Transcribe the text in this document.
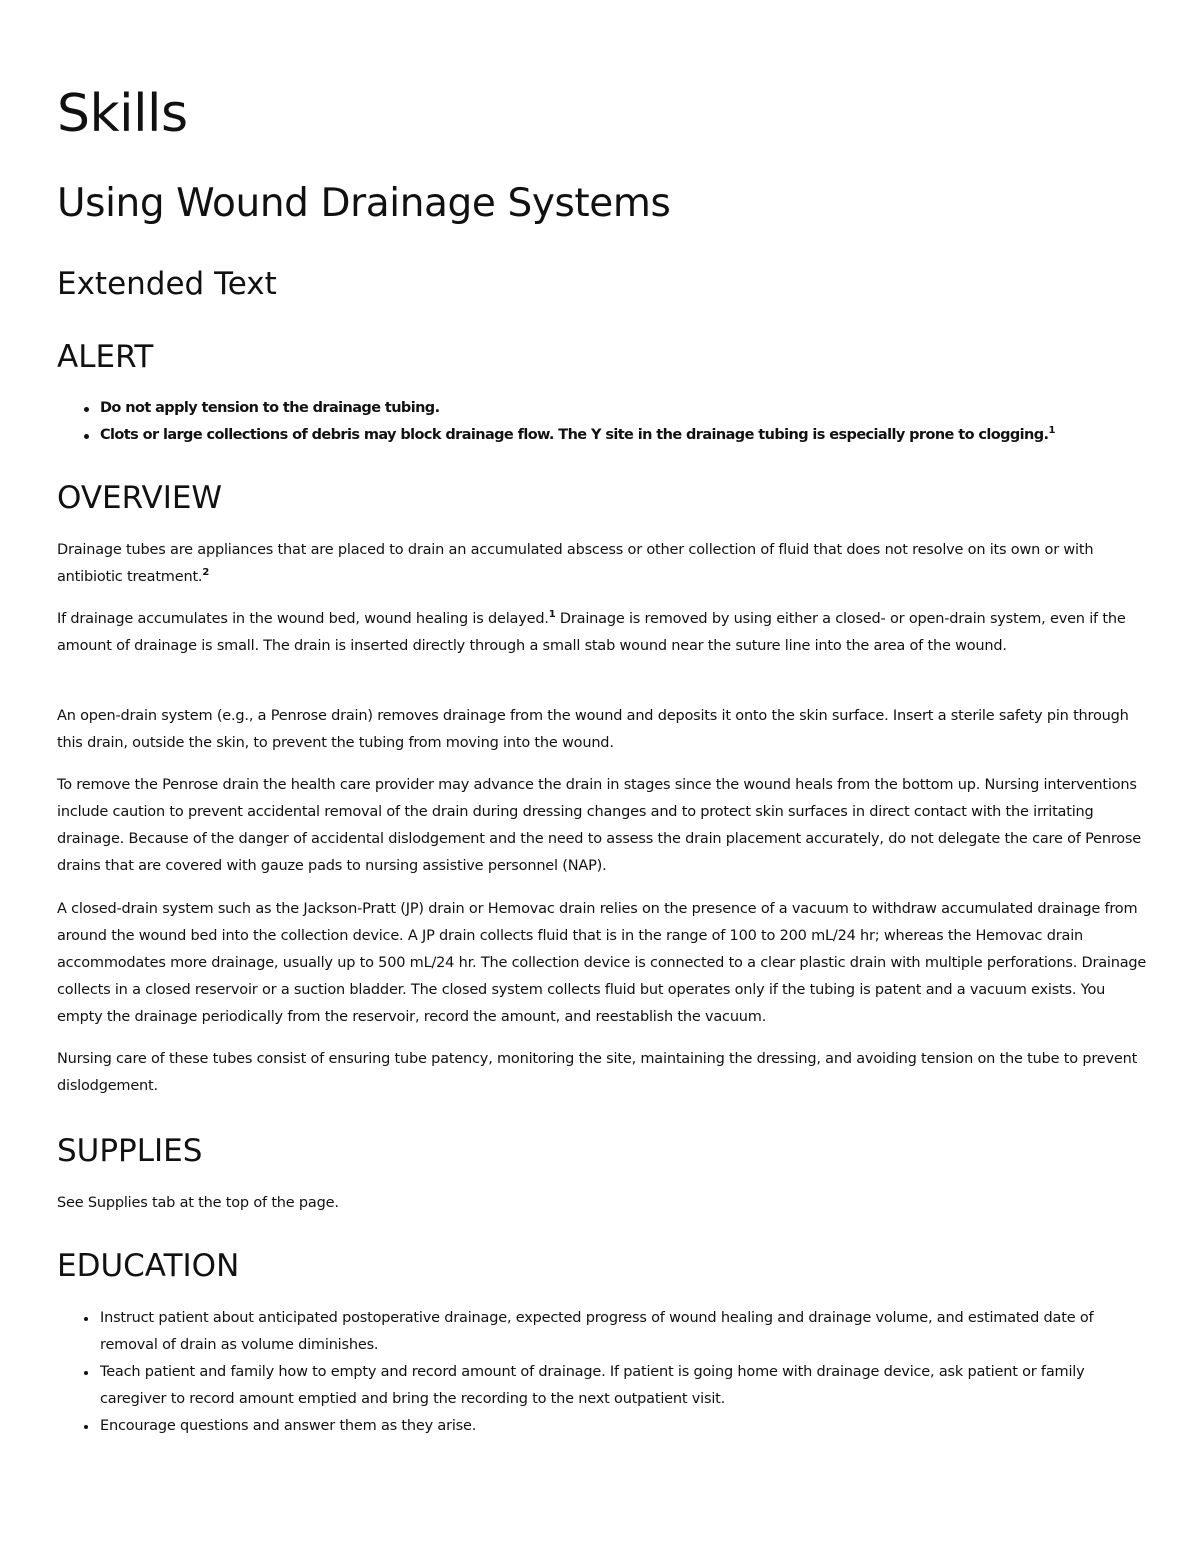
Skills
Using Wound Drainage Systems
Extended Text
ALERT
Do not apply tension to the drainage tubing.
Clots or large collections of debris may block drainage flow. The Y site in the drainage tubing is especially prone to clogging.$^1$
OVERVIEW

Drainage tubes are appliances that are placed to drain an accumulated abscess or other collection of fluid that does not resolve on its own or with antibiotic treatment.$^2$

If drainage accumulates in the wound bed, wound healing is delayed.$^1$ Drainage is removed by using either a closed- or open-drain system, even if the amount of drainage is small. The drain is inserted directly through a small stab wound near the suture line into the area of the wound.

An open-drain system (e.g., a Penrose drain) removes drainage from the wound and deposits it onto the skin surface. Insert a sterile safety pin through this drain, outside the skin, to prevent the tubing from moving into the wound.

To remove the Penrose drain the health care provider may advance the drain in stages since the wound heals from the bottom up. Nursing interventions include caution to prevent accidental removal of the drain during dressing changes and to protect skin surfaces in direct contact with the irritating drainage. Because of the danger of accidental dislodgement and the need to assess the drain placement accurately, do not delegate the care of Penrose drains that are covered with gauze pads to nursing assistive personnel (NAP).

A closed-drain system such as the Jackson-Pratt (JP) drain or Hemovac drain relies on the presence of a vacuum to withdraw accumulated drainage from around the wound bed into the collection device. A JP drain collects fluid that is in the range of 100 to 200 mL/24 hr; whereas the Hemovac drain accommodates more drainage, usually up to 500 mL/24 hr. The collection device is connected to a clear plastic drain with multiple perforations. Drainage collects in a closed reservoir or a suction bladder. The closed system collects fluid but operates only if the tubing is patent and a vacuum exists. You empty the drainage periodically from the reservoir, record the amount, and reestablish the vacuum.

Nursing care of these tubes consist of ensuring tube patency, monitoring the site, maintaining the dressing, and avoiding tension on the tube to prevent dislodgement.

SUPPLIES

See Supplies tab at the top of the page.

EDUCATION
Instruct patient about anticipated postoperative drainage, expected progress of wound healing and drainage volume, and estimated date of removal of drain as volume diminishes.
Teach patient and family how to empty and record amount of drainage. If patient is going home with drainage device, ask patient or family caregiver to record amount emptied and bring the recording to the next outpatient visit.
Encourage questions and answer them as they arise.
